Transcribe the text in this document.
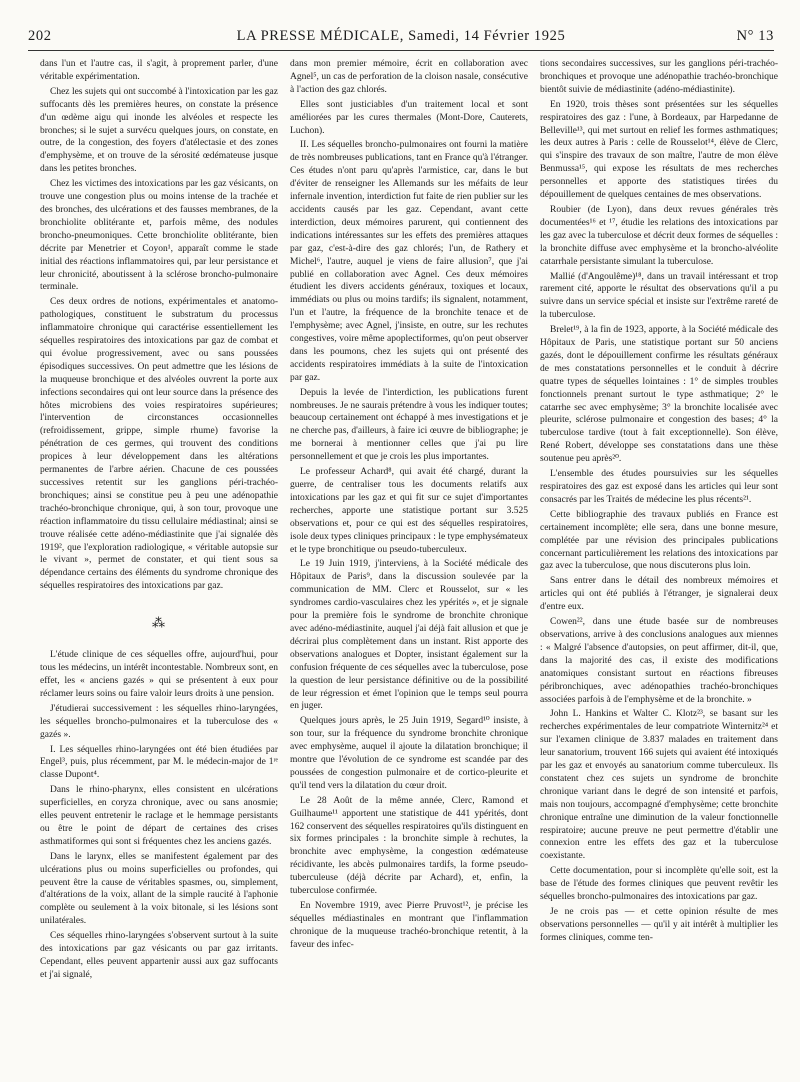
202	LA PRESSE MÉDICALE, Samedi, 14 Février 1925	N° 13

dans l'un et l'autre cas, il s'agit, à proprement parler, d'une véritable expérimentation.

Chez les sujets qui ont succombé à l'intoxication par les gaz suffocants dès les premières heures, on constate la présence d'un œdème aigu qui inonde les alvéoles et respecte les bronches; si le sujet a survécu quelques jours, on constate, en outre, de la congestion, des foyers d'atélectasie et des zones d'emphysème, et on trouve de la sérosité œdémateuse jusque dans les petites bronches.

Chez les victimes des intoxications par les gaz vésicants, on trouve une congestion plus ou moins intense de la trachée et des bronches, des ulcérations et des fausses membranes, de la bronchiolite oblitérante et, parfois même, des nodules broncho-pneumoniques. Cette bronchiolite oblitérante, bien décrite par Menetrier et Coyon¹, apparaît comme le stade initial des réactions inflammatoires qui, par leur persistance et leur chronicité, aboutissent à la sclérose broncho-pulmonaire terminale.

Ces deux ordres de notions, expérimentales et anatomo-pathologiques, constituent le substratum du processus inflammatoire chronique qui caractérise essentiellement les séquelles respiratoires des intoxications par gaz de combat et qui évolue progressivement, avec ou sans poussées épisodiques successives. On peut admettre que les lésions de la muqueuse bronchique et des alvéoles ouvrent la porte aux infections secondaires qui ont leur source dans la présence des hôtes microbiens des voies respiratoires supérieures; l'intervention de circonstances occasionnelles (refroidissement, grippe, simple rhume) favorise la pénétration de ces germes, qui trouvent des conditions propices à leur développement dans les altérations permanentes de l'arbre aérien. Chacune de ces poussées successives retentit sur les ganglions péri-trachéo-bronchiques; ainsi se constitue peu à peu une adénopathie trachéo-bronchique chronique, qui, à son tour, provoque une réaction inflammatoire du tissu cellulaire médiastinal; ainsi se trouve réalisée cette adéno-médiastinite que j'ai signalée dès 1919², que l'exploration radiologique, « véritable autopsie sur le vivant », permet de constater, et qui tient sous sa dépendance certains des éléments du syndrome chronique des séquelles respiratoires des intoxications par gaz.

⁂

L'étude clinique de ces séquelles offre, aujourd'hui, pour tous les médecins, un intérêt incontestable. Nombreux sont, en effet, les « anciens gazés » qui se présentent à eux pour réclamer leurs soins ou faire valoir leurs droits à une pension.

J'étudierai successivement : les séquelles rhino-laryngées, les séquelles broncho-pulmonaires et la tuberculose des « gazés ».

I. Les séquelles rhino-laryngées ont été bien étudiées par Engel³, puis, plus récemment, par M. le médecin-major de 1ʳᵉ classe Dupont⁴.

Dans le rhino-pharynx, elles consistent en ulcérations superficielles, en coryza chronique, avec ou sans anosmie; elles peuvent entretenir le raclage et le hemmage persistants ou être le point de départ de certaines des crises asthmatiformes qui sont si fréquentes chez les anciens gazés.

Dans le larynx, elles se manifestent également par des ulcérations plus ou moins superficielles ou profondes, qui peuvent être la cause de véritables spasmes, ou, simplement, d'altérations de la voix, allant de la simple raucité à l'aphonie complète ou seulement à la voix bitonale, si les lésions sont unilatérales.

Ces séquelles rhino-laryngées s'observent surtout à la suite des intoxications par gaz vésicants ou par gaz irritants. Cependant, elles peuvent appartenir aussi aux gaz suffocants et j'ai signalé,

dans mon premier mémoire, écrit en collaboration avec Agnel⁵, un cas de perforation de la cloison nasale, consécutive à l'action des gaz chlorés.

Elles sont justiciables d'un traitement local et sont améliorées par les cures thermales (Mont-Dore, Cauterets, Luchon).

II. Les séquelles broncho-pulmonaires ont fourni la matière de très nombreuses publications, tant en France qu'à l'étranger. Ces études n'ont paru qu'après l'armistice, car, dans le but d'éviter de renseigner les Allemands sur les méfaits de leur infernale invention, interdiction fut faite de rien publier sur les accidents causés par les gaz. Cependant, avant cette interdiction, deux mémoires parurent, qui contiennent des indications intéressantes sur les effets des premières attaques par gaz, c'est-à-dire des gaz chlorés; l'un, de Rathery et Michel⁶, l'autre, auquel je viens de faire allusion⁷, que j'ai publié en collaboration avec Agnel. Ces deux mémoires étudient les divers accidents généraux, toxiques et locaux, immédiats ou plus ou moins tardifs; ils signalent, notamment, l'un et l'autre, la fréquence de la bronchite tenace et de l'emphysème; avec Agnel, j'insiste, en outre, sur les rechutes congestives, voire même apoplectiformes, qu'on peut observer dans les poumons, chez les sujets qui ont présenté des accidents respiratoires immédiats à la suite de l'intoxication par gaz.

Depuis la levée de l'interdiction, les publications furent nombreuses. Je ne saurais prétendre à vous les indiquer toutes; beaucoup certainement ont échappé à mes investigations et je ne cherche pas, d'ailleurs, à faire ici œuvre de bibliographe; je me bornerai à mentionner celles que j'ai pu lire personnellement et que je crois les plus importantes.

Le professeur Achard⁸, qui avait été chargé, durant la guerre, de centraliser tous les documents relatifs aux intoxications par les gaz et qui fit sur ce sujet d'importantes recherches, apporte une statistique portant sur 3.525 observations et, pour ce qui est des séquelles respiratoires, isole deux types cliniques principaux : le type emphysémateux et le type bronchitique ou pseudo-tuberculeux.

Le 19 Juin 1919, j'interviens, à la Société médicale des Hôpitaux de Paris⁹, dans la discussion soulevée par la communication de MM. Clerc et Rousselot, sur « les syndromes cardio-vasculaires chez les ypérités », et je signale pour la première fois le syndrome de bronchite chronique avec adéno-médiastinite, auquel j'ai déjà fait allusion et que je décrirai plus complètement dans un instant. Rist apporte des observations analogues et Dopter, insistant également sur la confusion fréquente de ces séquelles avec la tuberculose, pose la question de leur persistance définitive ou de la possibilité de leur régression et émet l'opinion que le temps seul pourra en juger.

Quelques jours après, le 25 Juin 1919, Segard¹⁰ insiste, à son tour, sur la fréquence du syndrome bronchite chronique avec emphysème, auquel il ajoute la dilatation bronchique; il montre que l'évolution de ce syndrome est scandée par des poussées de congestion pulmonaire et de cortico-pleurite et qu'il tend vers la dilatation du cœur droit.

Le 28 Août de la même année, Clerc, Ramond et Guilhaume¹¹ apportent une statistique de 441 ypérités, dont 162 conservent des séquelles respiratoires qu'ils distinguent en six formes principales : la bronchite simple à rechutes, la bronchite avec emphysème, la congestion œdémateuse récidivante, les abcès pulmonaires tardifs, la forme pseudo-tuberculeuse (déjà décrite par Achard), et, enfin, la tuberculose confirmée.

En Novembre 1919, avec Pierre Pruvost¹², je précise les séquelles médiastinales en montrant que l'inflammation chronique de la muqueuse trachéo-bronchique retentit, à la faveur des infec-

tions secondaires successives, sur les ganglions péri-trachéo-bronchiques et provoque une adénopathie trachéo-bronchique bientôt suivie de médiastinite (adéno-médiastinite).

En 1920, trois thèses sont présentées sur les séquelles respiratoires des gaz : l'une, à Bordeaux, par Harpedanne de Belleville¹³, qui met surtout en relief les formes asthmatiques; les deux autres à Paris : celle de Rousselot¹⁴, élève de Clerc, qui s'inspire des travaux de son maître, l'autre de mon élève Benmussa¹⁵, qui expose les résultats de mes recherches personnelles et apporte des statistiques tirées du dépouillement de quelques centaines de mes observations.

Roubier (de Lyon), dans deux revues générales très documentées¹⁶ et ¹⁷, étudie les relations des intoxications par les gaz avec la tuberculose et décrit deux formes de séquelles : la bronchite diffuse avec emphysème et la broncho-alvéolite catarrhale persistante simulant la tuberculose.

Mallié (d'Angoulême)¹⁸, dans un travail intéressant et trop rarement cité, apporte le résultat des observations qu'il a pu suivre dans un service spécial et insiste sur l'extrême rareté de la tuberculose.

Brelet¹⁹, à la fin de 1923, apporte, à la Société médicale des Hôpitaux de Paris, une statistique portant sur 50 anciens gazés, dont le dépouillement confirme les résultats généraux de mes constatations personnelles et le conduit à décrire quatre types de séquelles lointaines : 1° de simples troubles fonctionnels prenant surtout le type asthmatique; 2° le catarrhe sec avec emphysème; 3° la bronchite localisée avec pleurite, sclérose pulmonaire et congestion des bases; 4° la tuberculose tardive (tout à fait exceptionnelle). Son élève, René Robert, développe ses constatations dans une thèse soutenue peu après²⁰.

L'ensemble des études poursuivies sur les séquelles respiratoires des gaz est exposé dans les articles qui leur sont consacrés par les Traités de médecine les plus récents²¹.

Cette bibliographie des travaux publiés en France est certainement incomplète; elle sera, dans une bonne mesure, complétée par une révision des principales publications concernant particulièrement les relations des intoxications par gaz avec la tuberculose, que nous discuterons plus loin.

Sans entrer dans le détail des nombreux mémoires et articles qui ont été publiés à l'étranger, je signalerai deux d'entre eux.

Cowen²², dans une étude basée sur de nombreuses observations, arrive à des conclusions analogues aux miennes : « Malgré l'absence d'autopsies, on peut affirmer, dit-il, que, dans la majorité des cas, il existe des modifications anatomiques consistant surtout en réactions fibreuses péribronchiques, avec adénopathies trachéo-bronchiques associées parfois à de l'emphysème et de la bronchite. »

John L. Hankins et Walter C. Klotz²³, se basant sur les recherches expérimentales de leur compatriote Winternitz²⁴ et sur l'examen clinique de 3.837 malades en traitement dans leur sanatorium, trouvent 166 sujets qui avaient été intoxiqués par les gaz et envoyés au sanatorium comme tuberculeux. Ils constatent chez ces sujets un syndrome de bronchite chronique variant dans le degré de son intensité et parfois, mais non toujours, accompagné d'emphysème; cette bronchite chronique entraîne une diminution de la valeur fonctionnelle respiratoire; aucune preuve ne peut permettre d'établir une connexion entre les effets des gaz et la tuberculose coexistante.

Cette documentation, pour si incomplète qu'elle soit, est la base de l'étude des formes cliniques que peuvent revêtir les séquelles broncho-pulmonaires des intoxications par gaz.

Je ne crois pas — et cette opinion résulte de mes observations personnelles — qu'il y ait intérêt à multiplier les formes cliniques, comme ten-
